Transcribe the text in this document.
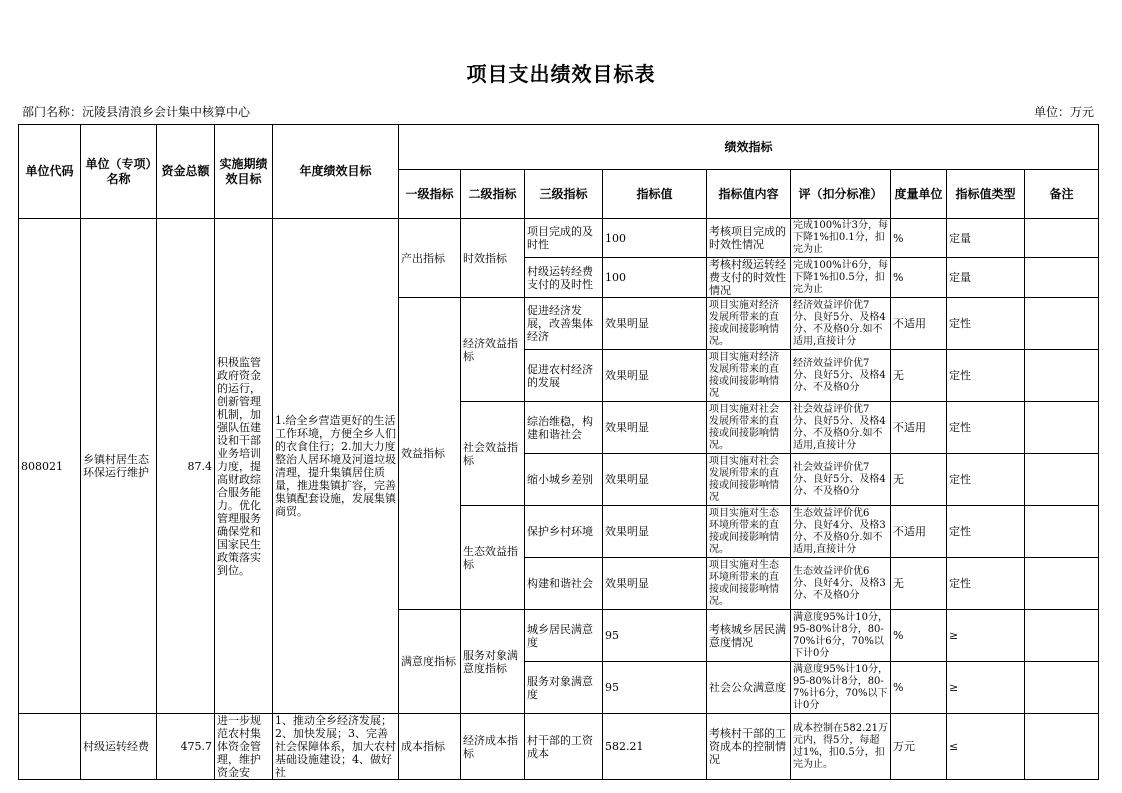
项目支出绩效目标表
部门名称：沅陵县清浪乡会计集中核算中心	单位：万元
单位代码	单位（专项）名称	资金总额	实施期绩效目标	年度绩效目标	绩效指标								
					一级指标	二级指标	三级指标	指标值	指标值内容	评（扣分标准）	度量单位	指标值类型	备注
808021	乡镇村居生态环保运行维护	87.4	积极监管政府资金的运行，创新管理机制，加强队伍建设和干部业务培训力度，提高财政综合服务能力。优化管理服务确保党和国家民生政策落实到位。	1.给全乡营造更好的生活工作环境，方便全乡人们的衣食住行；2.加大力度整治人居环境及河道垃圾清理，提升集镇居住质量，推进集镇扩容，完善集镇配套设施，发展集镇商贸。	产出指标	时效指标	项目完成的及时性	100	考核项目完成的时效性情况	完成100%计3分，每下降1%扣0.1分，扣完为止	%	定量	
							村级运转经费支付的及时性	100	考核村级运转经费支付的时效性情况	完成100%计6分，每下降1%扣0.5分，扣完为止	%	定量	
					效益指标	经济效益指标	促进经济发展，改善集体经济	效果明显	项目实施对经济发展所带来的直接或间接影响情况。	经济效益评价优7分、良好5分、及格4分、不及格0分.如不适用,直接计分	不适用	定性	
							促进农村经济的发展	效果明显	项目实施对经济发展所带来的直接或间接影响情况	经济效益评价优7分、良好5分、及格4分、不及格0分	无	定性	
						社会效益指标	综治维稳，构建和谐社会	效果明显	项目实施对社会发展所带来的直接或间接影响情况。	社会效益评价优7分、良好5分、及格4分、不及格0分.如不适用,直接计分	不适用	定性	
							缩小城乡差别	效果明显	项目实施对社会发展所带来的直接或间接影响情况	社会效益评价优7分、良好5分、及格4分、不及格0分	无	定性	
						生态效益指标	保护乡村环境	效果明显	项目实施对生态环境所带来的直接或间接影响情况。	生态效益评价优6分、良好4分、及格3分、不及格0分.如不适用,直接计分	不适用	定性	
							构建和谐社会	效果明显	项目实施对生态环境所带来的直接或间接影响情况。	生态效益评价优6分、良好4分、及格3分、不及格0分	无	定性	
					满意度指标	服务对象满意度指标	城乡居民满意度	95	考核城乡居民满意度情况	满意度95%计10分，95-80%计8分，80-70%计6分，70%以下计0分	%	≥	
							服务对象满意度	95	社会公众满意度	满意度95%计10分，95-80%计8分，80-7%计6分，70%以下计0分	%	≥	
	村级运转经费	475.7	进一步规范农村集体资金管理，维护资金安	1、推动全乡经济发展；2、加快发展；3、完善社会保障体系，加大农村基础设施建设；4、做好社	成本指标	经济成本指标	村干部的工资成本	582.21	考核村干部的工资成本的控制情况	成本控制在582.21万元内，得5分，每超过1%，扣0.5分，扣完为止。	万元	≤	
